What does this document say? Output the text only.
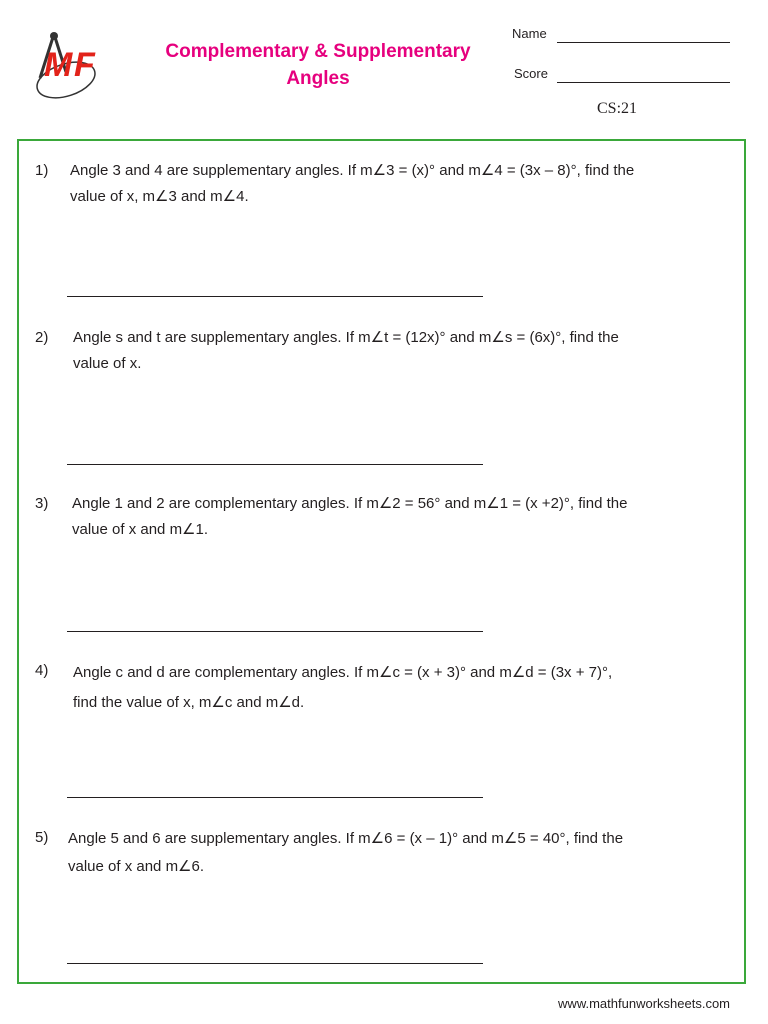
M F	Complementary & Supplementary
Angles
Name
Score
CS:21
1) Angle 3 and 4 are supplementary angles. If m∠3 = (x)° and m∠4 = (3x – 8)°, find the
value of x, m∠3 and m∠4.
2) Angle s and t are supplementary angles. If m∠t = (12x)° and m∠s = (6x)°, find the
value of x.
3) Angle 1 and 2 are complementary angles. If m∠2 = 56° and m∠1 = (x +2)°, find the
value of x and m∠1.
4) Angle c and d are complementary angles. If m∠c = (x + 3)° and m∠d = (3x + 7)°,
find the value of x, m∠c and m∠d.
5) Angle 5 and 6 are supplementary angles. If m∠6 = (x – 1)° and m∠5 = 40°, find the
value of x and m∠6.
www.mathfunworksheets.com
